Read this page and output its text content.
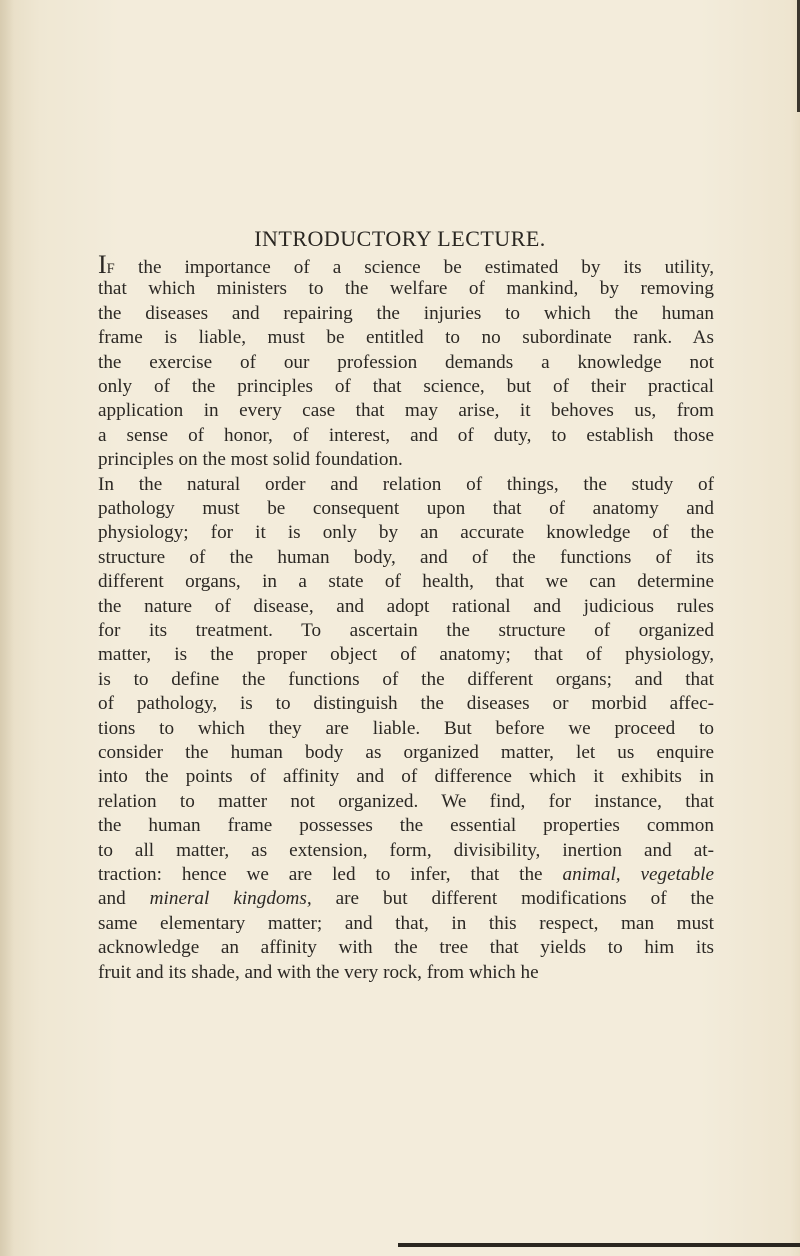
INTRODUCTORY LECTURE.
IF the importance of a science be estimated by its utility,
that which ministers to the welfare of mankind, by removing
the diseases and repairing the injuries to which the human
frame is liable, must be entitled to no subordinate rank. As
the exercise of our profession demands a knowledge not
only of the principles of that science, but of their practical
application in every case that may arise, it behoves us, from
a sense of honor, of interest, and of duty, to establish those
principles on the most solid foundation.
In the natural order and relation of things, the study of
pathology must be consequent upon that of anatomy and
physiology; for it is only by an accurate knowledge of the
structure of the human body, and of the functions of its
different organs, in a state of health, that we can determine
the nature of disease, and adopt rational and judicious rules
for its treatment. To ascertain the structure of organized
matter, is the proper object of anatomy; that of physiology,
is to define the functions of the different organs; and that
of pathology, is to distinguish the diseases or morbid affec-
tions to which they are liable. But before we proceed to
consider the human body as organized matter, let us enquire
into the points of affinity and of difference which it exhibits in
relation to matter not organized. We find, for instance, that
the human frame possesses the essential properties common
to all matter, as extension, form, divisibility, inertion and at-
traction: hence we are led to infer, that the animal, vegetable
and mineral kingdoms, are but different modifications of the
same elementary matter; and that, in this respect, man must
acknowledge an affinity with the tree that yields to him its
fruit and its shade, and with the very rock, from which he
